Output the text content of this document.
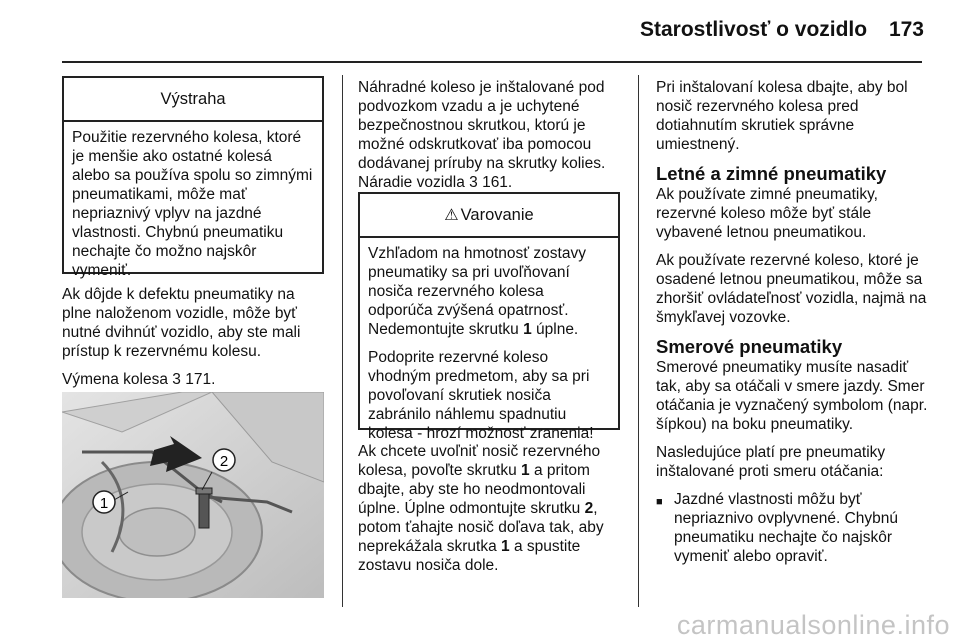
Starostlivosť o vozidlo	173
Výstraha

Použitie rezervného kolesa, ktoré je menšie ako ostatné kolesá alebo sa používa spolu so zimnými pneumatikami, môže mať nepriaznivý vplyv na jazdné vlastnosti. Chybnú pneumatiku nechajte čo možno najskôr vymeniť.

Ak dôjde k defektu pneumatiky na plne naloženom vozidle, môže byť nutné dvihnúť vozidlo, aby ste mali prístup k rezervnému kolesu.

Výmena kolesa 3 171.

1
2

Náhradné koleso je inštalované pod podvozkom vzadu a je uchytené bezpečnostnou skrutkou, ktorú je možné odskrutkovať iba pomocou dodávanej príruby na skrutky kolies. Náradie vozidla 3 161.

⚠ Varovanie

Vzhľadom na hmotnosť zostavy pneumatiky sa pri uvoľňovaní nosiča rezervného kolesa odporúča zvýšená opatrnosť. Nedemontujte skrutku 1 úplne.

Podoprite rezervné koleso vhodným predmetom, aby sa pri povoľovaní skrutiek nosiča zabránilo náhlemu spadnutiu kolesa - hrozí možnosť zranenia!

Ak chcete uvoľniť nosič rezervného kolesa, povoľte skrutku 1 a pritom dbajte, aby ste ho neodmontovali úplne. Úplne odmontujte skrutku 2, potom ťahajte nosič doľava tak, aby neprekážala skrutka 1 a spustite zostavu nosiča dole.

Pri inštalovaní kolesa dbajte, aby bol nosič rezervného kolesa pred dotiahnutím skrutiek správne umiestnený.

Letné a zimné pneumatiky

Ak používate zimné pneumatiky, rezervné koleso môže byť stále vybavené letnou pneumatikou.

Ak používate rezervné koleso, ktoré je osadené letnou pneumatikou, môže sa zhoršiť ovládateľnosť vozidla, najmä na šmykľavej vozovke.

Smerové pneumatiky

Smerové pneumatiky musíte nasadiť tak, aby sa otáčali v smere jazdy. Smer otáčania je vyznačený symbolom (napr. šípkou) na boku pneumatiky.

Nasledujúce platí pre pneumatiky inštalované proti smeru otáčania:

■ Jazdné vlastnosti môžu byť nepriaznivo ovplyvnené. Chybnú pneumatiku nechajte čo najskôr vymeniť alebo opraviť.
carmanualsonline.info
